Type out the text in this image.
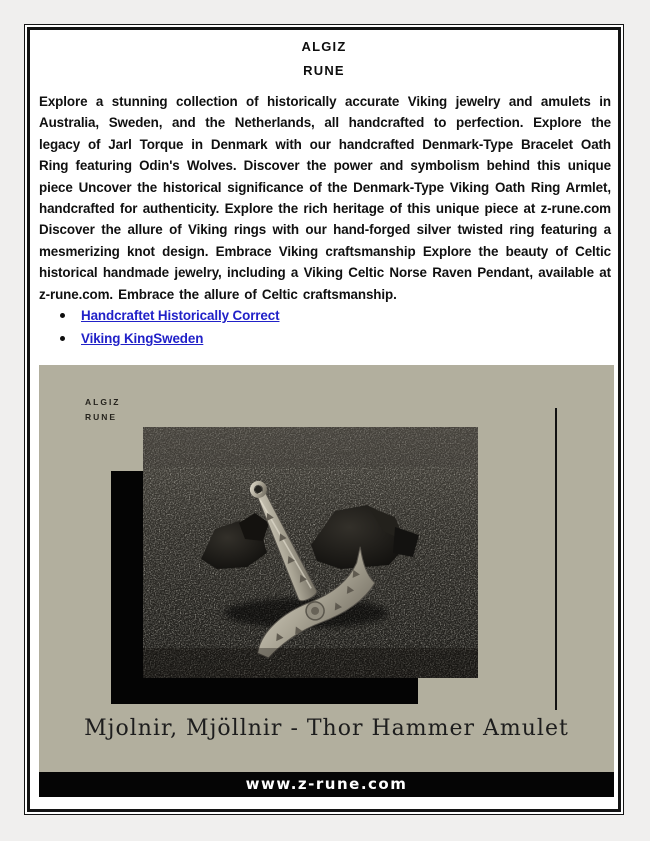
ALGIZ
RUNE
Explore a stunning collection of historically accurate Viking jewelry and amulets in Australia, Sweden, and the Netherlands, all handcrafted to perfection. Explore the legacy of Jarl Torque in Denmark with our handcrafted Denmark-Type Bracelet Oath Ring featuring Odin's Wolves. Discover the power and symbolism behind this unique piece Uncover the historical significance of the Denmark-Type Viking Oath Ring Armlet, handcrafted for authenticity. Explore the rich heritage of this unique piece at z-rune.com Discover the allure of Viking rings with our hand-forged silver twisted ring featuring a mesmerizing knot design. Embrace Viking craftsmanship Explore the beauty of Celtic historical handmade jewelry, including a Viking Celtic Norse Raven Pendant, available at z-rune.com. Embrace the allure of Celtic craftsmanship.
Handcraftet Historically Correct
Viking KingSweden
ALGIZ
RUNE
Mjolnir, Mjöllnir - Thor Hammer Amulet
www.z-rune.com
